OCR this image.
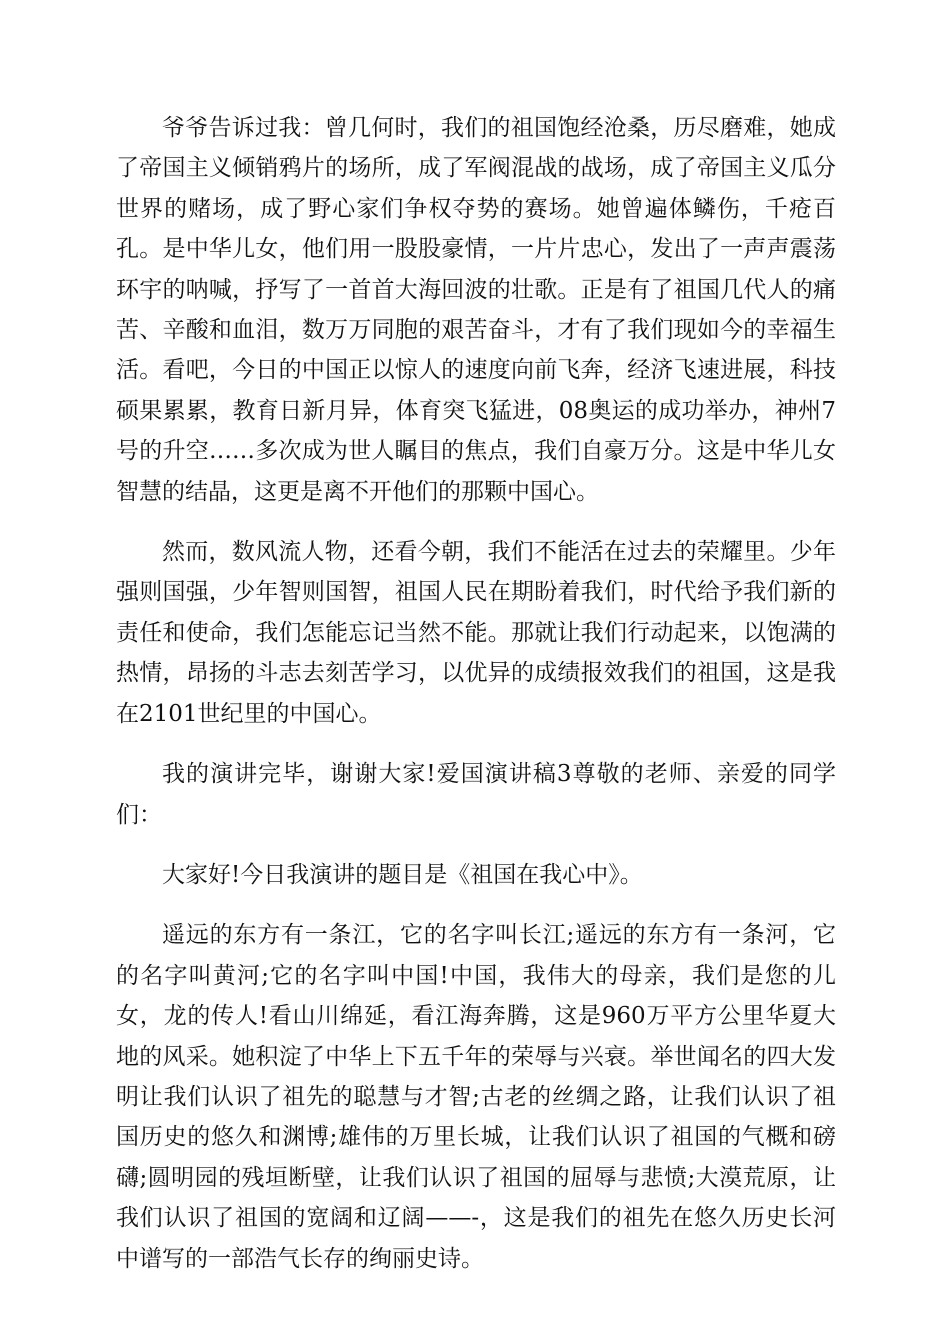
爷爷告诉过我：曾几何时，我们的祖国饱经沧桑，历尽磨难，她成了帝国主义倾销鸦片的场所，成了军阀混战的战场，成了帝国主义瓜分世界的赌场，成了野心家们争权夺势的赛场。她曾遍体鳞伤，千疮百孔。是中华儿女，他们用一股股豪情，一片片忠心，发出了一声声震荡环宇的呐喊，抒写了一首首大海回波的壮歌。正是有了祖国几代人的痛苦、辛酸和血泪，数万万同胞的艰苦奋斗，才有了我们现如今的幸福生活。看吧，今日的中国正以惊人的速度向前飞奔，经济飞速进展，科技硕果累累，教育日新月异，体育突飞猛进，08奥运的成功举办，神州7号的升空……多次成为世人瞩目的焦点，我们自豪万分。这是中华儿女智慧的结晶，这更是离不开他们的那颗中国心。

然而，数风流人物，还看今朝，我们不能活在过去的荣耀里。少年强则国强，少年智则国智，祖国人民在期盼着我们，时代给予我们新的责任和使命，我们怎能忘记当然不能。那就让我们行动起来，以饱满的热情，昂扬的斗志去刻苦学习，以优异的成绩报效我们的祖国，这是我在2101世纪里的中国心。

我的演讲完毕，谢谢大家!爱国演讲稿3尊敬的老师、亲爱的同学们：

大家好!今日我演讲的题目是《祖国在我心中》。

遥远的东方有一条江，它的名字叫长江;遥远的东方有一条河，它的名字叫黄河;它的名字叫中国!中国，我伟大的母亲，我们是您的儿女，龙的传人!看山川绵延，看江海奔腾，这是960万平方公里华夏大地的风采。她积淀了中华上下五千年的荣辱与兴衰。举世闻名的四大发明让我们认识了祖先的聪慧与才智;古老的丝绸之路，让我们认识了祖国历史的悠久和渊博;雄伟的万里长城，让我们认识了祖国的气概和磅礴;圆明园的残垣断壁，让我们认识了祖国的屈辱与悲愤;大漠荒原，让我们认识了祖国的宽阔和辽阔——-，这是我们的祖先在悠久历史长河中谱写的一部浩气长存的绚丽史诗。
